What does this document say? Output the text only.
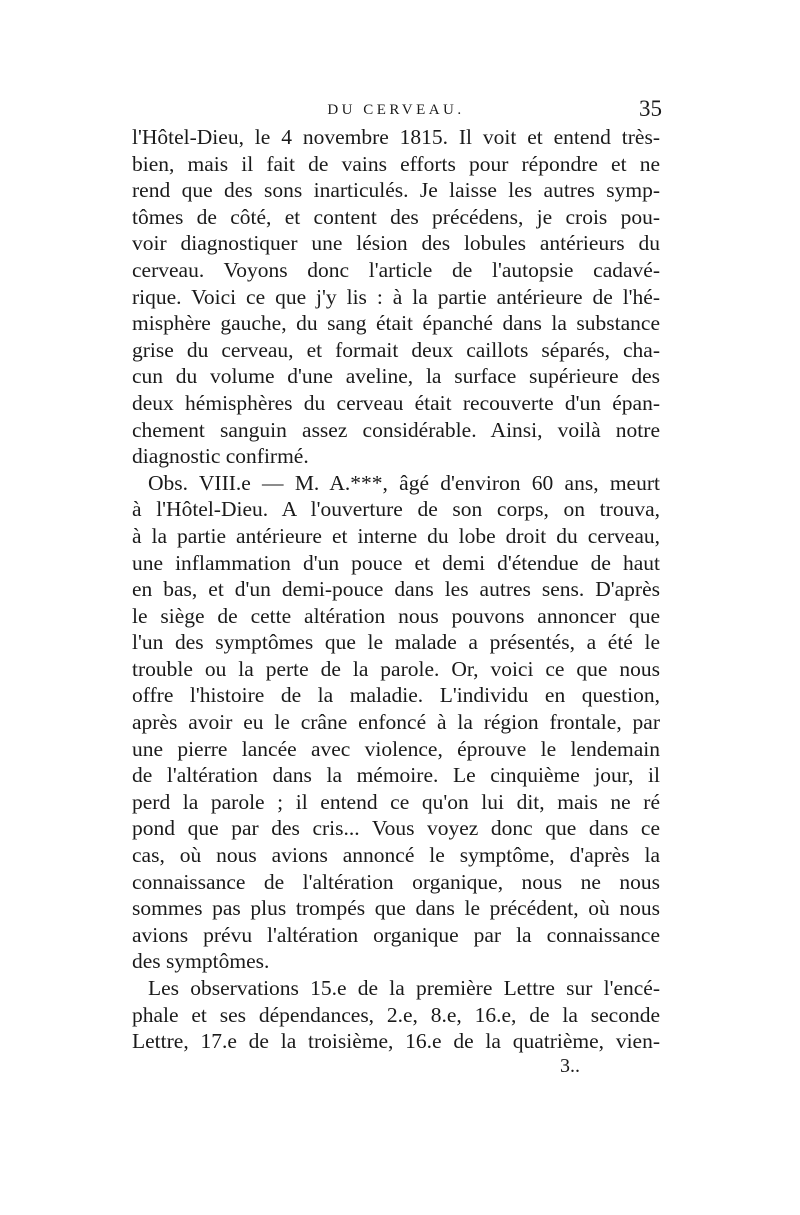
DU CERVEAU.	35
l'Hôtel-Dieu, le 4 novembre 1815. Il voit et entend très-
bien, mais il fait de vains efforts pour répondre et ne
rend que des sons inarticulés. Je laisse les autres symp-
tômes de côté, et content des précédens, je crois pou-
voir diagnostiquer une lésion des lobules antérieurs du
cerveau. Voyons donc l'article de l'autopsie cadavé-
rique. Voici ce que j'y lis : à la partie antérieure de l'hé-
misphère gauche, du sang était épanché dans la substance
grise du cerveau, et formait deux caillots séparés, cha-
cun du volume d'une aveline, la surface supérieure des
deux hémisphères du cerveau était recouverte d'un épan-
chement sanguin assez considérable. Ainsi, voilà notre
diagnostic confirmé.
Obs. VIII.e — M. A.***, âgé d'environ 60 ans, meurt
à l'Hôtel-Dieu. A l'ouverture de son corps, on trouva,
à la partie antérieure et interne du lobe droit du cerveau,
une inflammation d'un pouce et demi d'étendue de haut
en bas, et d'un demi-pouce dans les autres sens. D'après
le siège de cette altération nous pouvons annoncer que
l'un des symptômes que le malade a présentés, a été le
trouble ou la perte de la parole. Or, voici ce que nous
offre l'histoire de la maladie. L'individu en question,
après avoir eu le crâne enfoncé à la région frontale, par
une pierre lancée avec violence, éprouve le lendemain
de l'altération dans la mémoire. Le cinquième jour, il
perd la parole ; il entend ce qu'on lui dit, mais ne ré
pond que par des cris... Vous voyez donc que dans ce
cas, où nous avions annoncé le symptôme, d'après la
connaissance de l'altération organique, nous ne nous
sommes pas plus trompés que dans le précédent, où nous
avions prévu l'altération organique par la connaissance
des symptômes.
Les observations 15.e de la première Lettre sur l'encé-
phale et ses dépendances, 2.e, 8.e, 16.e, de la seconde
Lettre, 17.e de la troisième, 16.e de la quatrième, vien-
3..
